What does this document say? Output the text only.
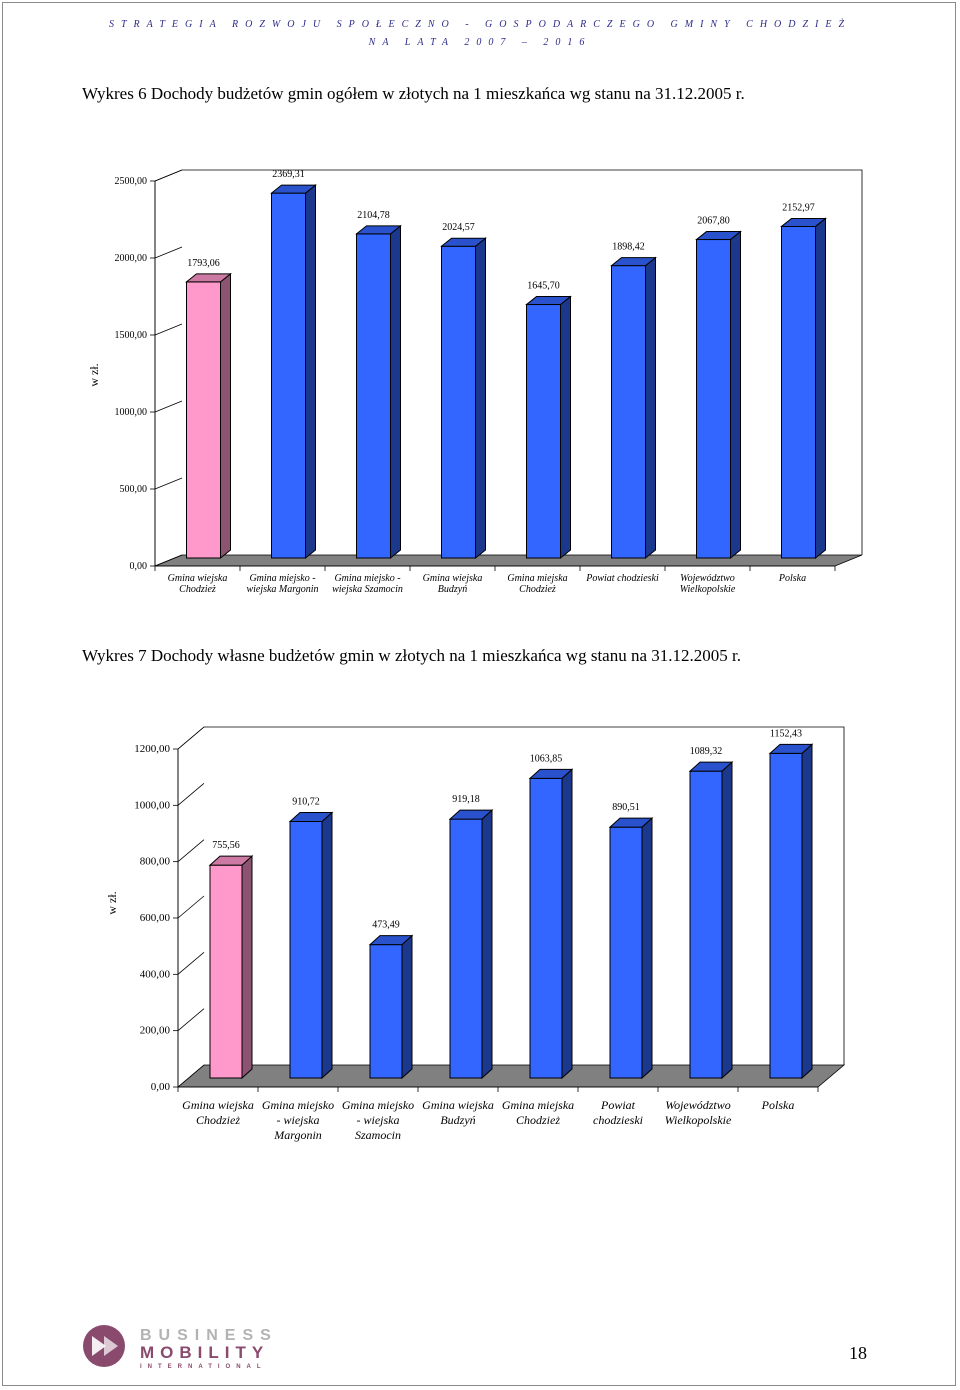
STRATEGIA ROZWOJU SPOŁECZNO - GOSPODARCZEGO GMINY CHODZIEŻ
NA LATA 2007 – 2016
Wykres 6 Dochody budżetów gmin ogółem w złotych na 1 mieszkańca wg stanu na 31.12.2005 r.
0,00
500,00
1000,00
1500,00
2000,00
2500,00
w zł.
1793,06
Gmina wiejska
Chodzież
2369,31
Gmina miejsko -
wiejska Margonin
2104,78
Gmina miejsko -
wiejska Szamocin
2024,57
Gmina wiejska
Budzyń
1645,70
Gmina miejska
Chodzież
1898,42
Powiat chodzieski
2067,80
Województwo
Wielkopolskie
2152,97
Polska
Wykres 7 Dochody własne budżetów gmin w złotych na 1 mieszkańca wg stanu na 31.12.2005 r.
0,00
200,00
400,00
600,00
800,00
1000,00
1200,00
w zł.
755,56
Gmina wiejska
Chodzież
910,72
Gmina miejsko
- wiejska
Margonin
473,49
Gmina miejsko
- wiejska
Szamocin
919,18
Gmina wiejska
Budzyń
1063,85
Gmina miejska
Chodzież
890,51
Powiat
chodzieski
1089,32
Województwo
Wielkopolskie
1152,43
Polska
BUSINESS
MOBILITY
INTERNATIONAL
18
